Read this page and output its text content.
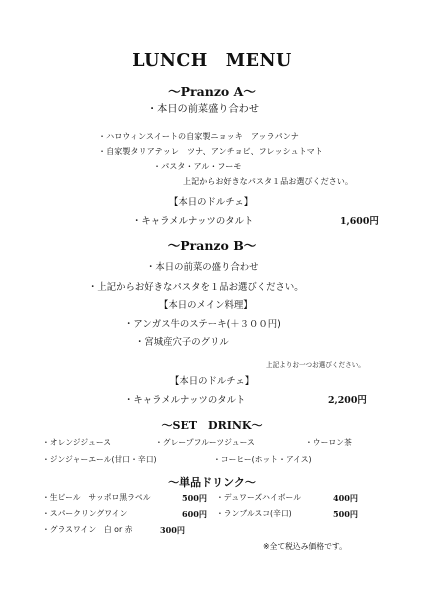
LUNCH　MENU
～Pranzo A～
・本日の前菜盛り合わせ
・ハロウィンスイートの自家製ニョッキ　アッラパンナ
・自家製タリアテッレ　ツナ、アンチョビ、フレッシュトマト
・パスタ・アル・フーモ
上記からお好きなパスタ１品お選びください。
【本日のドルチェ】
・キャラメルナッツのタルト	1,600円
～Pranzo B～
・本日の前菜の盛り合わせ
・上記からお好きなパスタを１品お選びください。
【本日のメイン料理】
・アンガス牛のステーキ(＋３００円)
・宮城産穴子のグリル
上記よりお一つお選びください。
【本日のドルチェ】
・キャラメルナッツのタルト	2,200円
～SET　DRINK～
・オレンジジュース	・グレープフルーツジュース	・ウーロン茶
・ジンジャーエール(甘口・辛口)	・コーヒー(ホット・アイス)
～単品ドリンク～
・生ビール　サッポロ黒ラベル	500円 ・デュワーズハイボール	400円
・スパークリングワイン	600円 ・ランブルスコ(辛口)	500円
・グラスワイン　白 or 赤	300円
※全て税込み価格です。
